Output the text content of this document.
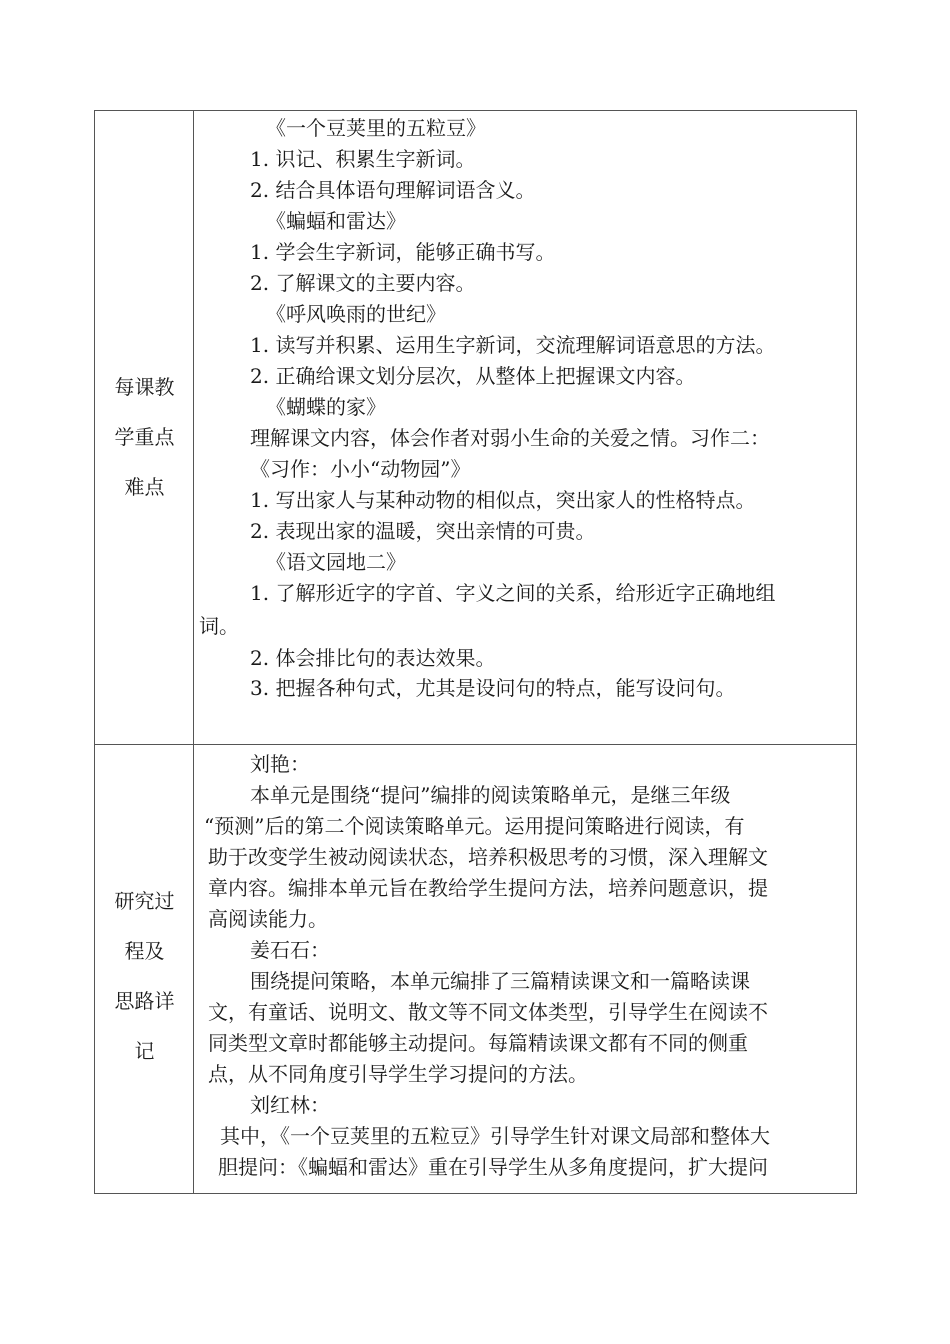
每课教
学重点
难点
《一个豆荚里的五粒豆》
1. 识记、积累生字新词。
2. 结合具体语句理解词语含义。
《蝙蝠和雷达》
1. 学会生字新词，能够正确书写。
2. 了解课文的主要内容。
《呼风唤雨的世纪》
1. 读写并积累、运用生字新词，交流理解词语意思的方法。
2. 正确给课文划分层次，从整体上把握课文内容。
《蝴蝶的家》
理解课文内容，体会作者对弱小生命的关爱之情。习作二：
《习作：小小“动物园”》
1. 写出家人与某种动物的相似点，突出家人的性格特点。
2. 表现出家的温暖，突出亲情的可贵。
《语文园地二》
1. 了解形近字的字首、字义之间的关系，给形近字正确地组
词。
2. 体会排比句的表达效果。
3. 把握各种句式，尤其是设问句的特点，能写设问句。
研究过
程及
思路详
记
刘艳：
本单元是围绕“提问”编排的阅读策略单元，是继三年级
“预测”后的第二个阅读策略单元。运用提问策略进行阅读，有
助于改变学生被动阅读状态，培养积极思考的习惯，深入理解文
章内容。编排本单元旨在教给学生提问方法，培养问题意识，提
高阅读能力。
姜石石：
围绕提问策略，本单元编排了三篇精读课文和一篇略读课
文，有童话、说明文、散文等不同文体类型，引导学生在阅读不
同类型文章时都能够主动提问。每篇精读课文都有不同的侧重
点，从不同角度引导学生学习提问的方法。
刘红林：
其中，《一个豆荚里的五粒豆》引导学生针对课文局部和整体大
胆提问：《蝙蝠和雷达》重在引导学生从多角度提问，扩大提问
